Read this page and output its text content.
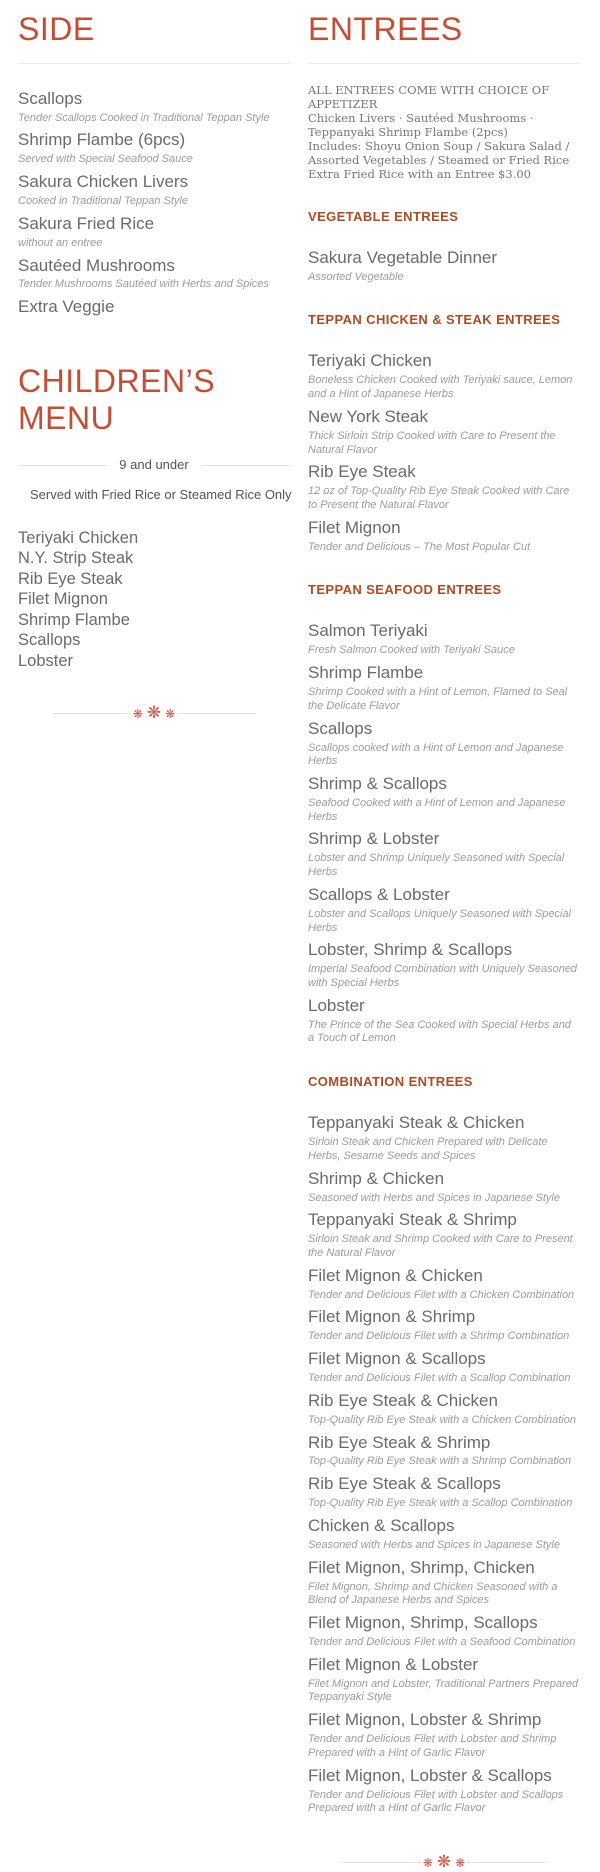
SIDE
Scallops
Tender Scallops Cooked in Traditional Teppan Style
Shrimp Flambe (6pcs)
Served with Special Seafood Sauce
Sakura Chicken Livers
Cooked in Traditional Teppan Style
Sakura Fried Rice
without an entree
Sautéed Mushrooms
Tender Mushrooms Sautéed with Herbs and Spices
Extra Veggie
CHILDREN’S MENU
9 and under
Served with Fried Rice or Steamed Rice Only
Teriyaki Chicken
N.Y. Strip Steak
Rib Eye Steak
Filet Mignon
Shrimp Flambe
Scallops
Lobster
❋ ❋ ❋
ENTREES

ALL ENTREES COME WITH CHOICE OF APPETIZER

Chicken Livers · Sautéed Mushrooms · Teppanyaki Shrimp Flambe (2pcs)

Includes: Shoyu Onion Soup / Sakura Salad / Assorted Vegetables / Steamed or Fried Rice

Extra Fried Rice with an Entree $3.00

VEGETABLE ENTREES
Sakura Vegetable Dinner
Assorted Vegetable
TEPPAN CHICKEN & STEAK ENTREES
Teriyaki Chicken
Boneless Chicken Cooked with Teriyaki sauce, Lemon and a Hint of Japanese Herbs
New York Steak
Thick Sirloin Strip Cooked with Care to Present the Natural Flavor
Rib Eye Steak
12 oz of Top-Quality Rib Eye Steak Cooked with Care to Present the Natural Flavor
Filet Mignon
Tender and Delicious – The Most Popular Cut
TEPPAN SEAFOOD ENTREES
Salmon Teriyaki
Fresh Salmon Cooked with Teriyaki Sauce
Shrimp Flambe
Shrimp Cooked with a Hint of Lemon, Flamed to Seal the Delicate Flavor
Scallops
Scallops cooked with a Hint of Lemon and Japanese Herbs
Shrimp & Scallops
Seafood Cooked with a Hint of Lemon and Japanese Herbs
Shrimp & Lobster
Lobster and Shrimp Uniquely Seasoned with Special Herbs
Scallops & Lobster
Lobster and Scallops Uniquely Seasoned with Special Herbs
Lobster, Shrimp & Scallops
Imperial Seafood Combination with Uniquely Seasoned with Special Herbs
Lobster
The Prince of the Sea Cooked with Special Herbs and a Touch of Lemon
COMBINATION ENTREES
Teppanyaki Steak & Chicken
Sirloin Steak and Chicken Prepared with Delicate Herbs, Sesame Seeds and Spices
Shrimp & Chicken
Seasoned with Herbs and Spices in Japanese Style
Teppanyaki Steak & Shrimp
Sirloin Steak and Shrimp Cooked with Care to Present the Natural Flavor
Filet Mignon & Chicken
Tender and Delicious Filet with a Chicken Combination
Filet Mignon & Shrimp
Tender and Delicious Filet with a Shrimp Combination
Filet Mignon & Scallops
Tender and Delicious Filet with a Scallop Combination
Rib Eye Steak & Chicken
Top-Quality Rib Eye Steak with a Chicken Combination
Rib Eye Steak & Shrimp
Top-Quality Rib Eye Steak with a Shrimp Combination
Rib Eye Steak & Scallops
Top-Quality Rib Eye Steak with a Scallop Combination
Chicken & Scallops
Seasoned with Herbs and Spices in Japanese Style
Filet Mignon, Shrimp, Chicken
Filet Mignon, Shrimp and Chicken Seasoned with a Blend of Japanese Herbs and Spices
Filet Mignon, Shrimp, Scallops
Tender and Delicious Filet with a Seafood Combination
Filet Mignon & Lobster
Filet Mignon and Lobster, Traditional Partners Prepared Teppanyaki Style
Filet Mignon, Lobster & Shrimp
Tender and Delicious Filet with Lobster and Shrimp Prepared with a Hint of Garlic Flavor
Filet Mignon, Lobster & Scallops
Tender and Delicious Filet with Lobster and Scallops Prepared with a Hint of Garlic Flavor
❋ ❋ ❋
